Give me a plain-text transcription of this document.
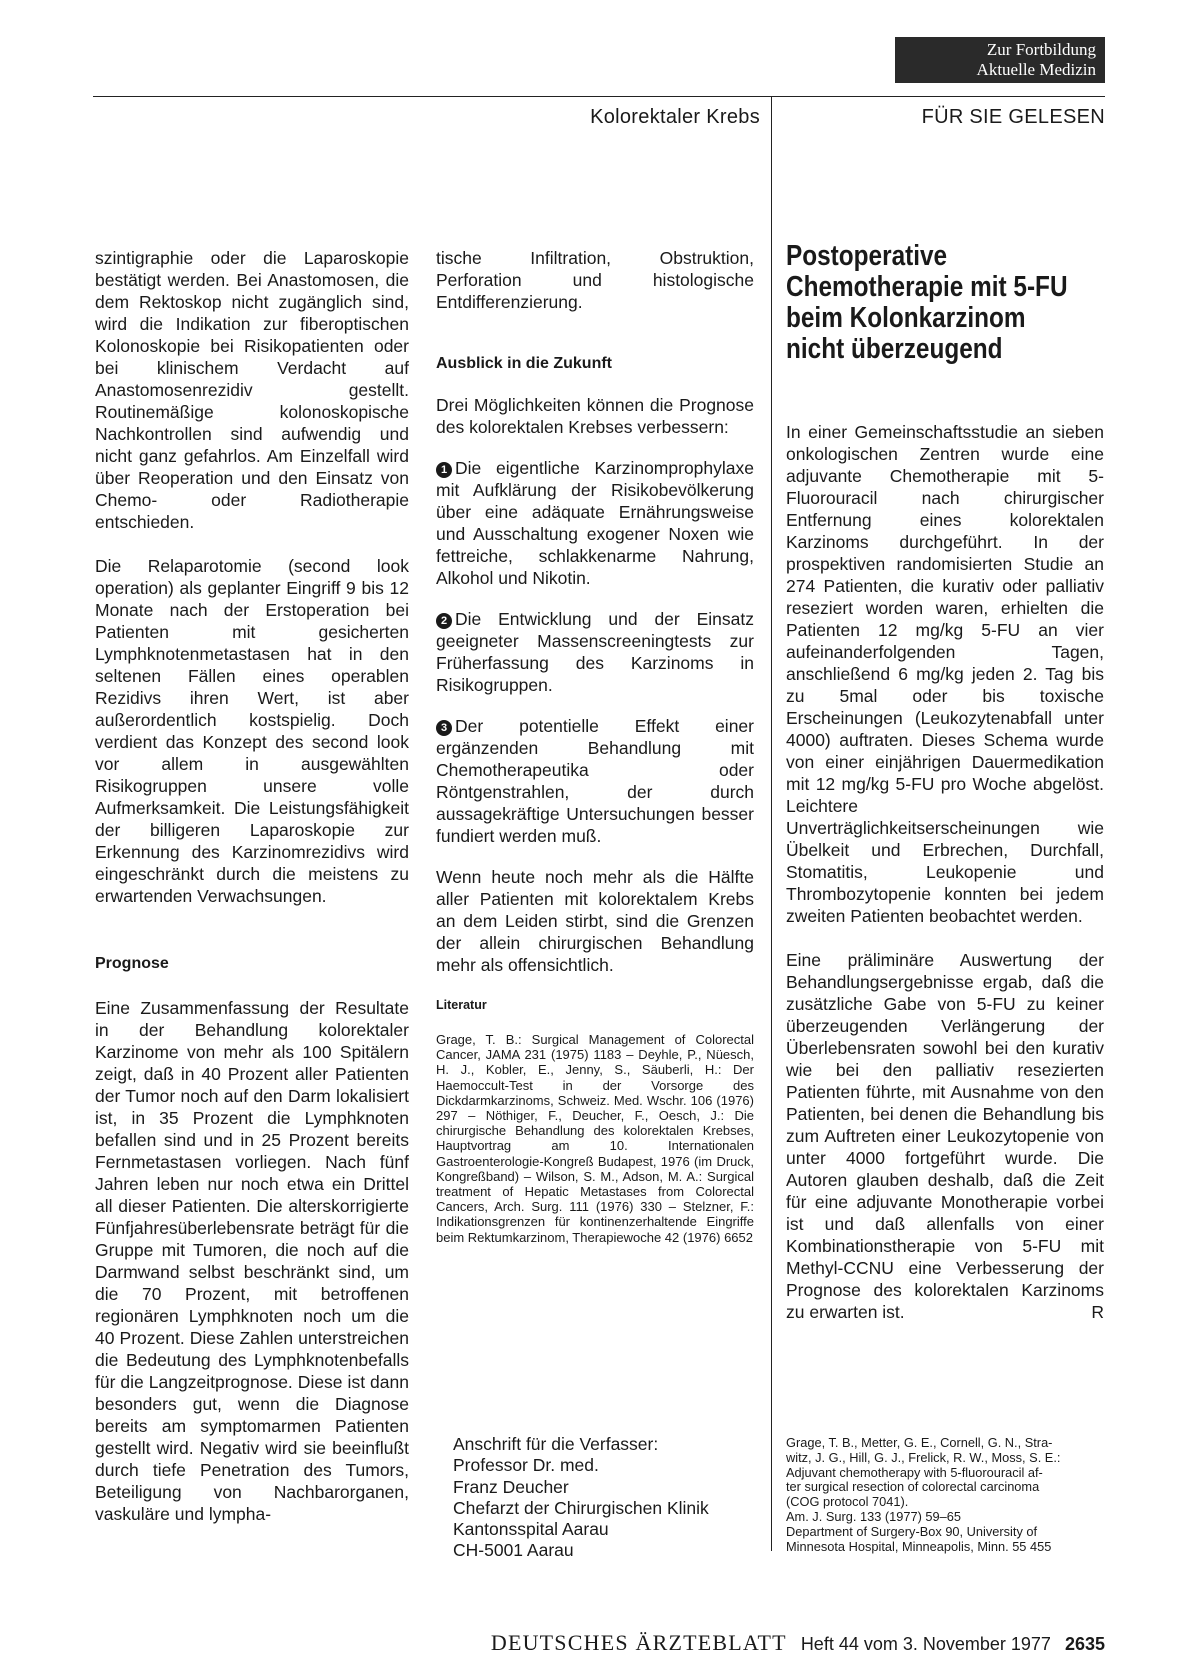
Zur Fortbildung
Aktuelle Medizin
Kolorektaler Krebs	FÜR SIE GELESEN

szintigraphie oder die Laparoskopie bestätigt werden. Bei Anastomosen, die dem Rektoskop nicht zugänglich sind, wird die Indikation zur fiberoptischen Kolonoskopie bei Risikopatienten oder bei klinischem Verdacht auf Anastomosenrezidiv gestellt. Routinemäßige kolonoskopische Nachkontrollen sind aufwendig und nicht ganz gefahrlos. Am Einzelfall wird über Reoperation und den Einsatz von Chemo- oder Radiotherapie entschieden.

Die Relaparotomie (second look operation) als geplanter Eingriff 9 bis 12 Monate nach der Erstoperation bei Patienten mit gesicherten Lymphknotenmetastasen hat in den seltenen Fällen eines operablen Rezidivs ihren Wert, ist aber außerordentlich kostspielig. Doch verdient das Konzept des second look vor allem in ausgewählten Risikogruppen unsere volle Aufmerksamkeit. Die Leistungsfähigkeit der billigeren Laparoskopie zur Erkennung des Karzinomrezidivs wird eingeschränkt durch die meistens zu erwartenden Verwachsungen.

Prognose

Eine Zusammenfassung der Resultate in der Behandlung kolorektaler Karzinome von mehr als 100 Spitälern zeigt, daß in 40 Prozent aller Patienten der Tumor noch auf den Darm lokalisiert ist, in 35 Prozent die Lymphknoten befallen sind und in 25 Prozent bereits Fernmetastasen vorliegen. Nach fünf Jahren leben nur noch etwa ein Drittel all dieser Patienten. Die alterskorrigierte Fünfjahresüberlebensrate beträgt für die Gruppe mit Tumoren, die noch auf die Darmwand selbst beschränkt sind, um die 70 Prozent, mit betroffenen regionären Lymphknoten noch um die 40 Prozent. Diese Zahlen unterstreichen die Bedeutung des Lymphknotenbefalls für die Langzeitprognose. Diese ist dann besonders gut, wenn die Diagnose bereits am symptomarmen Patienten gestellt wird. Negativ wird sie beeinflußt durch tiefe Penetration des Tumors, Beteiligung von Nachbarorganen, vaskuläre und lympha-

tische Infiltration, Obstruktion, Perforation und histologische Entdifferenzierung.

Ausblick in die Zukunft

Drei Möglichkeiten können die Prognose des kolorektalen Krebses verbessern:

1 Die eigentliche Karzinomprophylaxe mit Aufklärung der Risikobevölkerung über eine adäquate Ernährungsweise und Ausschaltung exogener Noxen wie fettreiche, schlakkenarme Nahrung, Alkohol und Nikotin.

2 Die Entwicklung und der Einsatz geeigneter Massenscreeningtests zur Früherfassung des Karzinoms in Risikogruppen.

3 Der potentielle Effekt einer ergänzenden Behandlung mit Chemotherapeutika oder Röntgenstrahlen, der durch aussagekräftige Untersuchungen besser fundiert werden muß.

Wenn heute noch mehr als die Hälfte aller Patienten mit kolorektalem Krebs an dem Leiden stirbt, sind die Grenzen der allein chirurgischen Behandlung mehr als offensichtlich.

Literatur

Grage, T. B.: Surgical Management of Colorectal Cancer, JAMA 231 (1975) 1183 – Deyhle, P., Nüesch, H. J., Kobler, E., Jenny, S., Säuberli, H.: Der Haemoccult-Test in der Vorsorge des Dickdarmkarzinoms, Schweiz. Med. Wschr. 106 (1976) 297 – Nöthiger, F., Deucher, F., Oesch, J.: Die chirurgische Behandlung des kolorektalen Krebses, Hauptvortrag am 10. Internationalen Gastroenterologie-Kongreß Budapest, 1976 (im Druck, Kongreßband) – Wilson, S. M., Adson, M. A.: Surgical treatment of Hepatic Metastases from Colorectal Cancers, Arch. Surg. 111 (1976) 330 – Stelzner, F.: Indikationsgrenzen für kontinenzerhaltende Eingriffe beim Rektumkarzinom, Therapiewoche 42 (1976) 6652

Anschrift für die Verfasser:
Professor Dr. med.
Franz Deucher
Chefarzt der Chirurgischen Klinik
Kantonsspital Aarau
CH-5001 Aarau
Postoperative
Chemotherapie mit 5-FU
beim Kolonkarzinom
nicht überzeugend

In einer Gemeinschaftsstudie an sieben onkologischen Zentren wurde eine adjuvante Chemotherapie mit 5-Fluorouracil nach chirurgischer Entfernung eines kolorektalen Karzinoms durchgeführt. In der prospektiven randomisierten Studie an 274 Patienten, die kurativ oder palliativ reseziert worden waren, erhielten die Patienten 12 mg/kg 5-FU an vier aufeinanderfolgenden Tagen, anschließend 6 mg/kg jeden 2. Tag bis zu 5mal oder bis toxische Erscheinungen (Leukozytenabfall unter 4000) auftraten. Dieses Schema wurde von einer einjährigen Dauermedikation mit 12 mg/kg 5-FU pro Woche abgelöst. Leichtere Unverträglichkeitserscheinungen wie Übelkeit und Erbrechen, Durchfall, Stomatitis, Leukopenie und Thrombozytopenie konnten bei jedem zweiten Patienten beobachtet werden.

Eine präliminäre Auswertung der Behandlungsergebnisse ergab, daß die zusätzliche Gabe von 5-FU zu keiner überzeugenden Verlängerung der Überlebensraten sowohl bei den kurativ wie bei den palliativ resezierten Patienten führte, mit Ausnahme von den Patienten, bei denen die Behandlung bis zum Auftreten einer Leukozytopenie von unter 4000 fortgeführt wurde. Die Autoren glauben deshalb, daß die Zeit für eine adjuvante Monotherapie vorbei ist und daß allenfalls von einer Kombinationstherapie von 5-FU mit Methyl-CCNU eine Verbesserung der Prognose des kolorektalen Karzinoms zu erwarten ist.	R

Grage, T. B., Metter, G. E., Cornell, G. N., Stra-
witz, J. G., Hill, G. J., Frelick, R. W., Moss, S. E.:
Adjuvant chemotherapy with 5-fluorouracil af-
ter surgical resection of colorectal carcinoma
(COG protocol 7041).
Am. J. Surg. 133 (1977) 59–65
Department of Surgery-Box 90, University of
Minnesota Hospital, Minneapolis, Minn. 55 455
DEUTSCHES ÄRZTEBLATT Heft 44 vom 3. November 1977 2635
